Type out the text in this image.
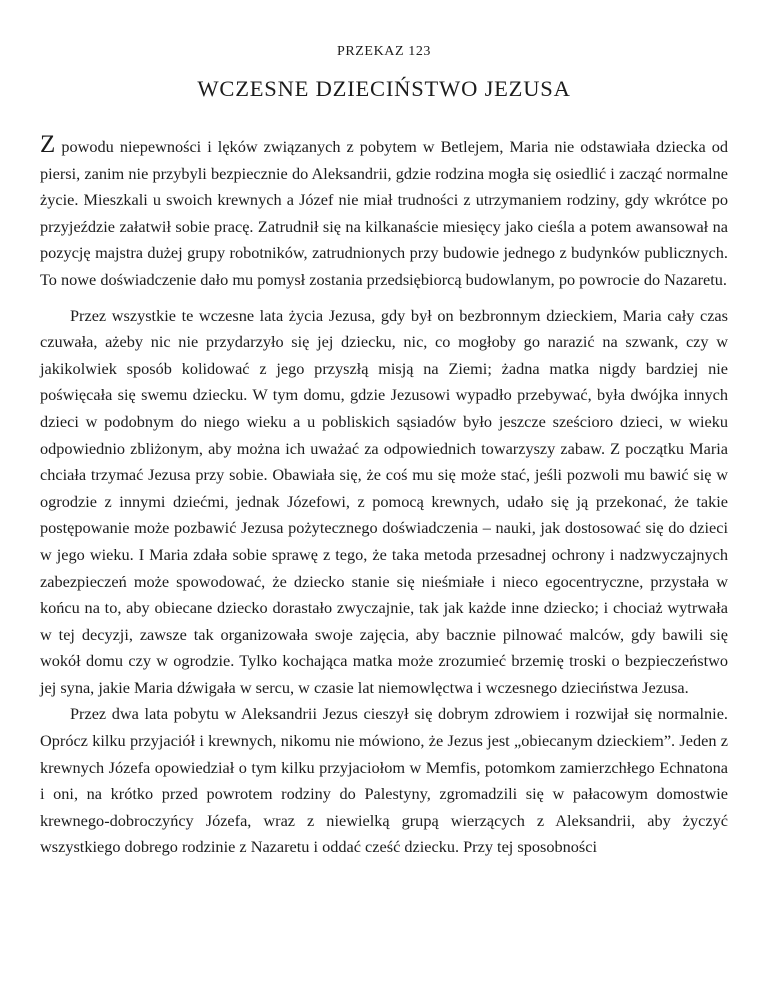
PRZEKAZ 123

WCZESNE DZIECIŃSTWO JEZUSA

Z powodu niepewności i lęków związanych z pobytem w Betlejem, Maria nie odstawiała dziecka od piersi, zanim nie przybyli bezpiecznie do Aleksandrii, gdzie rodzina mogła się osiedlić i zacząć normalne życie. Mieszkali u swoich krewnych a Józef nie miał trudności z utrzymaniem rodziny, gdy wkrótce po przyjeździe załatwił sobie pracę. Zatrudnił się na kilkanaście miesięcy jako cieśla a potem awansował na pozycję majstra dużej grupy robotników, zatrudnionych przy budowie jednego z budynków publicznych. To nowe doświadczenie dało mu pomysł zostania przedsiębiorcą budowlanym, po powrocie do Nazaretu.

Przez wszystkie te wczesne lata życia Jezusa, gdy był on bezbronnym dzieckiem, Maria cały czas czuwała, ażeby nic nie przydarzyło się jej dziecku, nic, co mogłoby go narazić na szwank, czy w jakikolwiek sposób kolidować z jego przyszłą misją na Ziemi; żadna matka nigdy bardziej nie poświęcała się swemu dziecku. W tym domu, gdzie Jezusowi wypadło przebywać, była dwójka innych dzieci w podobnym do niego wieku a u pobliskich sąsiadów było jeszcze sześcioro dzieci, w wieku odpowiednio zbliżonym, aby można ich uważać za odpowiednich towarzyszy zabaw. Z początku Maria chciała trzymać Jezusa przy sobie. Obawiała się, że coś mu się może stać, jeśli pozwoli mu bawić się w ogrodzie z innymi dziećmi, jednak Józefowi, z pomocą krewnych, udało się ją przekonać, że takie postępowanie może pozbawić Jezusa pożytecznego doświadczenia – nauki, jak dostosować się do dzieci w jego wieku. I Maria zdała sobie sprawę z tego, że taka metoda przesadnej ochrony i nadzwyczajnych zabezpieczeń może spowodować, że dziecko stanie się nieśmiałe i nieco egocentryczne, przystała w końcu na to, aby obiecane dziecko dorastało zwyczajnie, tak jak każde inne dziecko; i chociaż wytrwała w tej decyzji, zawsze tak organizowała swoje zajęcia, aby bacznie pilnować malców, gdy bawili się wokół domu czy w ogrodzie. Tylko kochająca matka może zrozumieć brzemię troski o bezpieczeństwo jej syna, jakie Maria dźwigała w sercu, w czasie lat niemowlęctwa i wczesnego dzieciństwa Jezusa.

Przez dwa lata pobytu w Aleksandrii Jezus cieszył się dobrym zdrowiem i rozwijał się normalnie. Oprócz kilku przyjaciół i krewnych, nikomu nie mówiono, że Jezus jest „obiecanym dzieckiem”. Jeden z krewnych Józefa opowiedział o tym kilku przyjaciołom w Memfis, potomkom zamierzchłego Echnatona i oni, na krótko przed powrotem rodziny do Palestyny, zgromadzili się w pałacowym domostwie krewnego-dobroczyńcy Józefa, wraz z niewielką grupą wierzących z Aleksandrii, aby życzyć wszystkiego dobrego rodzinie z Nazaretu i oddać cześć dziecku. Przy tej sposobności
